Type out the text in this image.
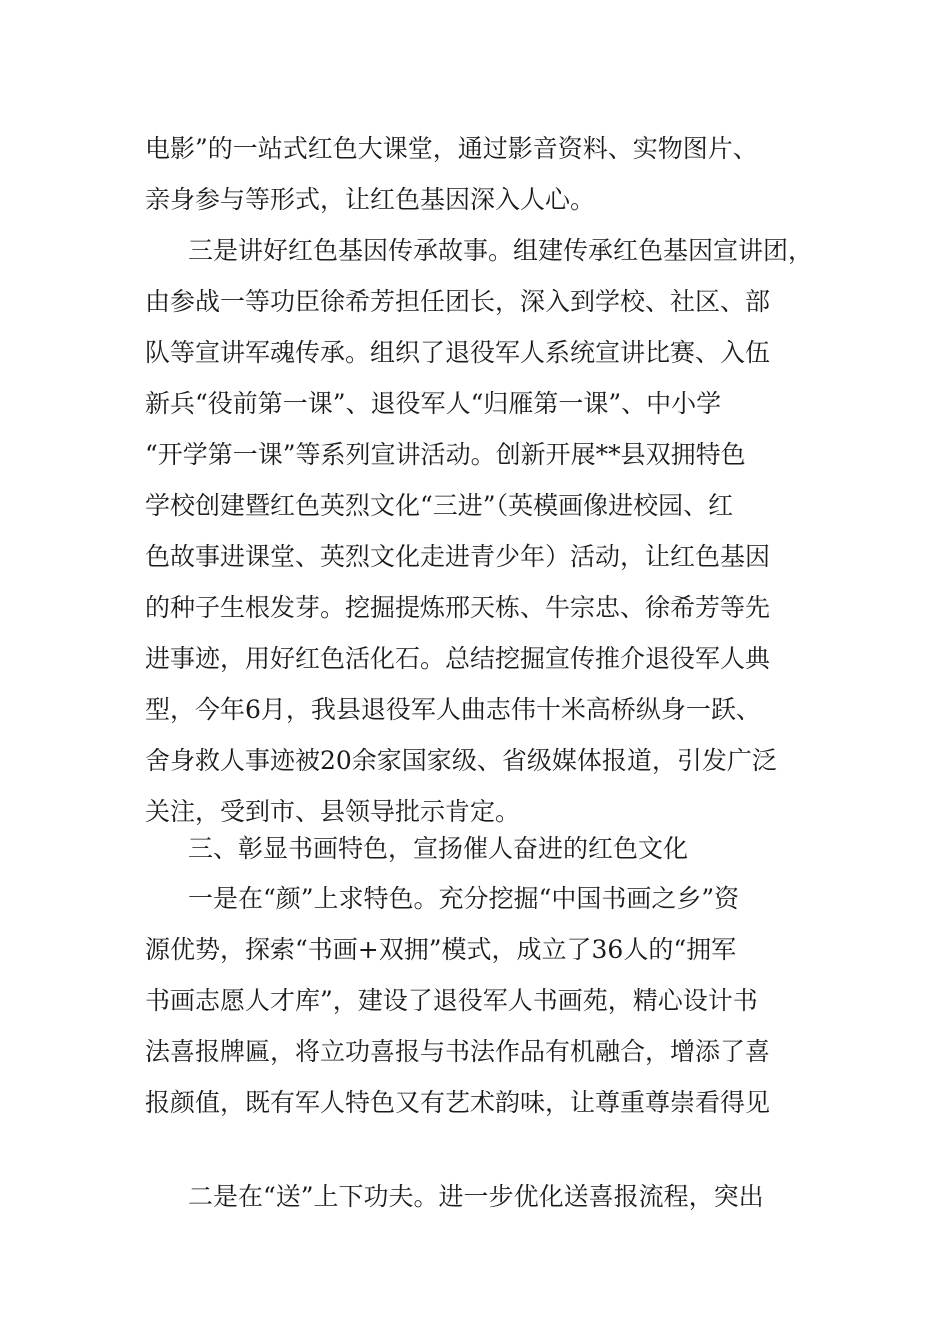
电影”的一站式红色大课堂，通过影音资料、实物图片、
亲身参与等形式，让红色基因深入人心。
三是讲好红色基因传承故事。组建传承红色基因宣讲团，
由参战一等功臣徐希芳担任团长，深入到学校、社区、部
队等宣讲军魂传承。组织了退役军人系统宣讲比赛、入伍
新兵“役前第一课”、退役军人“归雁第一课”、中小学
“开学第一课”等系列宣讲活动。创新开展**县双拥特色
学校创建暨红色英烈文化“三进”（英模画像进校园、红
色故事进课堂、英烈文化走进青少年）活动，让红色基因
的种子生根发芽。挖掘提炼邢天栋、牛宗忠、徐希芳等先
进事迹，用好红色活化石。总结挖掘宣传推介退役军人典
型，今年6月，我县退役军人曲志伟十米高桥纵身一跃、
舍身救人事迹被20余家国家级、省级媒体报道，引发广泛
关注，受到市、县领导批示肯定。
三、彰显书画特色，宣扬催人奋进的红色文化
一是在“颜”上求特色。充分挖掘“中国书画之乡”资
源优势，探索“书画+双拥”模式，成立了36人的“拥军
书画志愿人才库”，建设了退役军人书画苑，精心设计书
法喜报牌匾，将立功喜报与书法作品有机融合，增添了喜
报颜值，既有军人特色又有艺术韵味，让尊重尊崇看得见
二是在“送”上下功夫。进一步优化送喜报流程，突出
